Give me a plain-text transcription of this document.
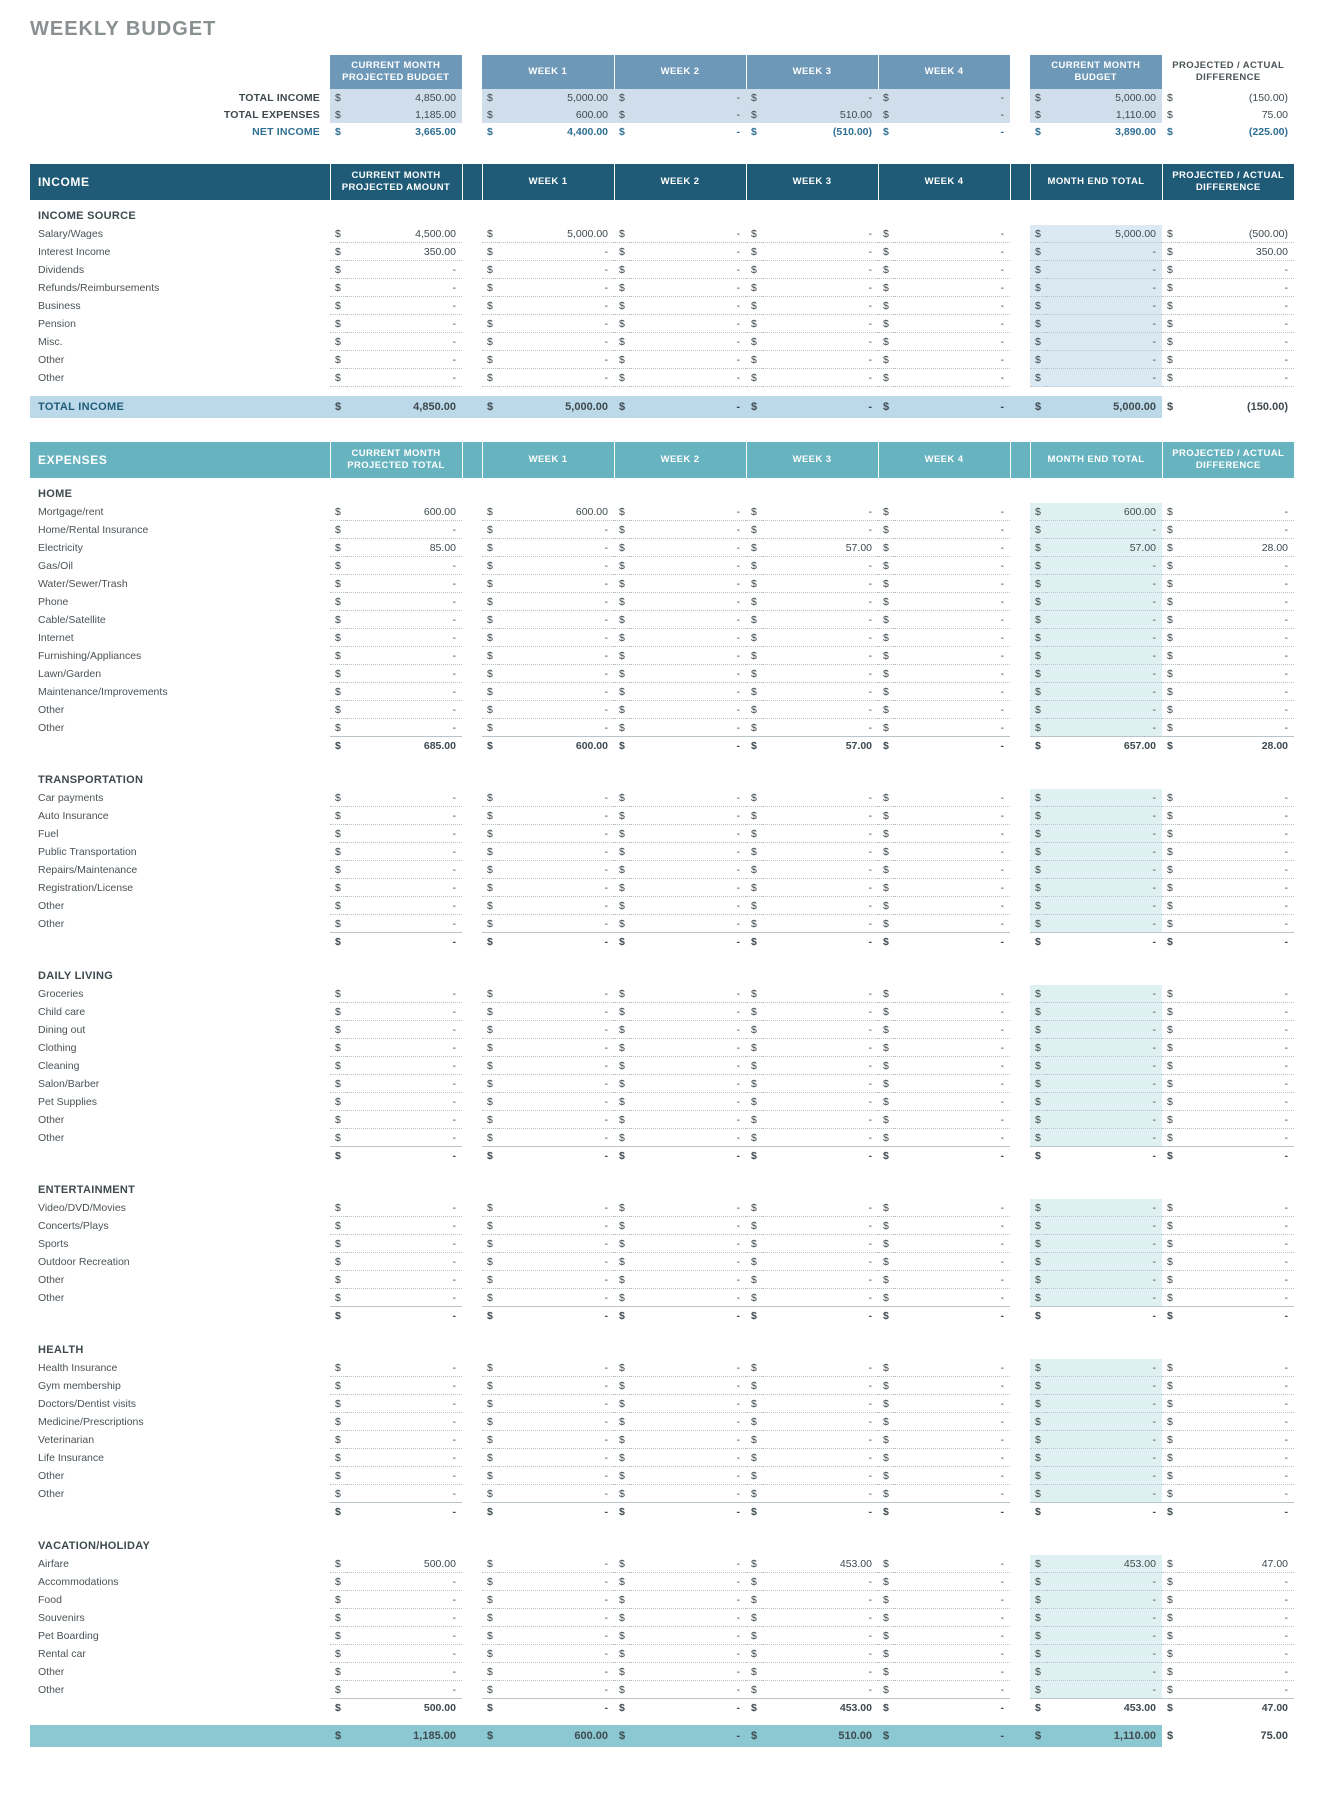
WEEKLY BUDGET
	CURRENT MONTH PROJECTED BUDGET			WEEK 1		WEEK 2		WEEK 3		WEEK 4			CURRENT MONTH BUDGET		PROJECTED / ACTUAL DIFFERENCE	
TOTAL INCOME	$	4,850.00		$	5,000.00	$	-	$	-	$	-		$	5,000.00	$	(150.00)
TOTAL EXPENSES	$	1,185.00		$	600.00	$	-	$	510.00	$	-		$	1,110.00	$	75.00
NET INCOME	$	3,665.00		$	4,400.00	$	-	$	(510.00)	$	-		$	3,890.00	$	(225.00)
INCOME	CURRENT MONTH PROJECTED AMOUNT			WEEK 1		WEEK 2		WEEK 3		WEEK 4			MONTH END TOTAL		PROJECTED / ACTUAL DIFFERENCE	
INCOME SOURCE																
Salary/Wages	$	4,500.00		$	5,000.00	$	-	$	-	$	-		$	5,000.00	$	(500.00)
Interest Income	$	350.00		$	-	$	-	$	-	$	-		$	-	$	350.00
Dividends	$	-		$	-	$	-	$	-	$	-		$	-	$	-
Refunds/Reimbursements	$	-		$	-	$	-	$	-	$	-		$	-	$	-
Business	$	-		$	-	$	-	$	-	$	-		$	-	$	-
Pension	$	-		$	-	$	-	$	-	$	-		$	-	$	-
Misc.	$	-		$	-	$	-	$	-	$	-		$	-	$	-
Other	$	-		$	-	$	-	$	-	$	-		$	-	$	-
Other	$	-		$	-	$	-	$	-	$	-		$	-	$	-

TOTAL INCOME	$	4,850.00		$	5,000.00	$	-	$	-	$	-		$	5,000.00	$	(150.00)
EXPENSES	CURRENT MONTH PROJECTED TOTAL			WEEK 1		WEEK 2		WEEK 3		WEEK 4			MONTH END TOTAL		PROJECTED / ACTUAL DIFFERENCE	
HOME																
Mortgage/rent	$	600.00		$	600.00	$	-	$	-	$	-		$	600.00	$	-
Home/Rental Insurance	$	-		$	-	$	-	$	-	$	-		$	-	$	-
Electricity	$	85.00		$	-	$	-	$	57.00	$	-		$	57.00	$	28.00
Gas/Oil	$	-		$	-	$	-	$	-	$	-		$	-	$	-
Water/Sewer/Trash	$	-		$	-	$	-	$	-	$	-		$	-	$	-
Phone	$	-		$	-	$	-	$	-	$	-		$	-	$	-
Cable/Satellite	$	-		$	-	$	-	$	-	$	-		$	-	$	-
Internet	$	-		$	-	$	-	$	-	$	-		$	-	$	-
Furnishing/Appliances	$	-		$	-	$	-	$	-	$	-		$	-	$	-
Lawn/Garden	$	-		$	-	$	-	$	-	$	-		$	-	$	-
Maintenance/Improvements	$	-		$	-	$	-	$	-	$	-		$	-	$	-
Other	$	-		$	-	$	-	$	-	$	-		$	-	$	-
Other	$	-		$	-	$	-	$	-	$	-		$	-	$	-
	$	685.00		$	600.00	$	-	$	57.00	$	-		$	657.00	$	28.00

TRANSPORTATION																
Car payments	$	-		$	-	$	-	$	-	$	-		$	-	$	-
Auto Insurance	$	-		$	-	$	-	$	-	$	-		$	-	$	-
Fuel	$	-		$	-	$	-	$	-	$	-		$	-	$	-
Public Transportation	$	-		$	-	$	-	$	-	$	-		$	-	$	-
Repairs/Maintenance	$	-		$	-	$	-	$	-	$	-		$	-	$	-
Registration/License	$	-		$	-	$	-	$	-	$	-		$	-	$	-
Other	$	-		$	-	$	-	$	-	$	-		$	-	$	-
Other	$	-		$	-	$	-	$	-	$	-		$	-	$	-
	$	-		$	-	$	-	$	-	$	-		$	-	$	-

DAILY LIVING																
Groceries	$	-		$	-	$	-	$	-	$	-		$	-	$	-
Child care	$	-		$	-	$	-	$	-	$	-		$	-	$	-
Dining out	$	-		$	-	$	-	$	-	$	-		$	-	$	-
Clothing	$	-		$	-	$	-	$	-	$	-		$	-	$	-
Cleaning	$	-		$	-	$	-	$	-	$	-		$	-	$	-
Salon/Barber	$	-		$	-	$	-	$	-	$	-		$	-	$	-
Pet Supplies	$	-		$	-	$	-	$	-	$	-		$	-	$	-
Other	$	-		$	-	$	-	$	-	$	-		$	-	$	-
Other	$	-		$	-	$	-	$	-	$	-		$	-	$	-
	$	-		$	-	$	-	$	-	$	-		$	-	$	-

ENTERTAINMENT																
Video/DVD/Movies	$	-		$	-	$	-	$	-	$	-		$	-	$	-
Concerts/Plays	$	-		$	-	$	-	$	-	$	-		$	-	$	-
Sports	$	-		$	-	$	-	$	-	$	-		$	-	$	-
Outdoor Recreation	$	-		$	-	$	-	$	-	$	-		$	-	$	-
Other	$	-		$	-	$	-	$	-	$	-		$	-	$	-
Other	$	-		$	-	$	-	$	-	$	-		$	-	$	-
	$	-		$	-	$	-	$	-	$	-		$	-	$	-

HEALTH																
Health Insurance	$	-		$	-	$	-	$	-	$	-		$	-	$	-
Gym membership	$	-		$	-	$	-	$	-	$	-		$	-	$	-
Doctors/Dentist visits	$	-		$	-	$	-	$	-	$	-		$	-	$	-
Medicine/Prescriptions	$	-		$	-	$	-	$	-	$	-		$	-	$	-
Veterinarian	$	-		$	-	$	-	$	-	$	-		$	-	$	-
Life Insurance	$	-		$	-	$	-	$	-	$	-		$	-	$	-
Other	$	-		$	-	$	-	$	-	$	-		$	-	$	-
Other	$	-		$	-	$	-	$	-	$	-		$	-	$	-
	$	-		$	-	$	-	$	-	$	-		$	-	$	-

VACATION/HOLIDAY																
Airfare	$	500.00		$	-	$	-	$	453.00	$	-		$	453.00	$	47.00
Accommodations	$	-		$	-	$	-	$	-	$	-		$	-	$	-
Food	$	-		$	-	$	-	$	-	$	-		$	-	$	-
Souvenirs	$	-		$	-	$	-	$	-	$	-		$	-	$	-
Pet Boarding	$	-		$	-	$	-	$	-	$	-		$	-	$	-
Rental car	$	-		$	-	$	-	$	-	$	-		$	-	$	-
Other	$	-		$	-	$	-	$	-	$	-		$	-	$	-
Other	$	-		$	-	$	-	$	-	$	-		$	-	$	-
	$	500.00		$	-	$	-	$	453.00	$	-		$	453.00	$	47.00

	$	1,185.00		$	600.00	$	-	$	510.00	$	-		$	1,110.00	$	75.00
